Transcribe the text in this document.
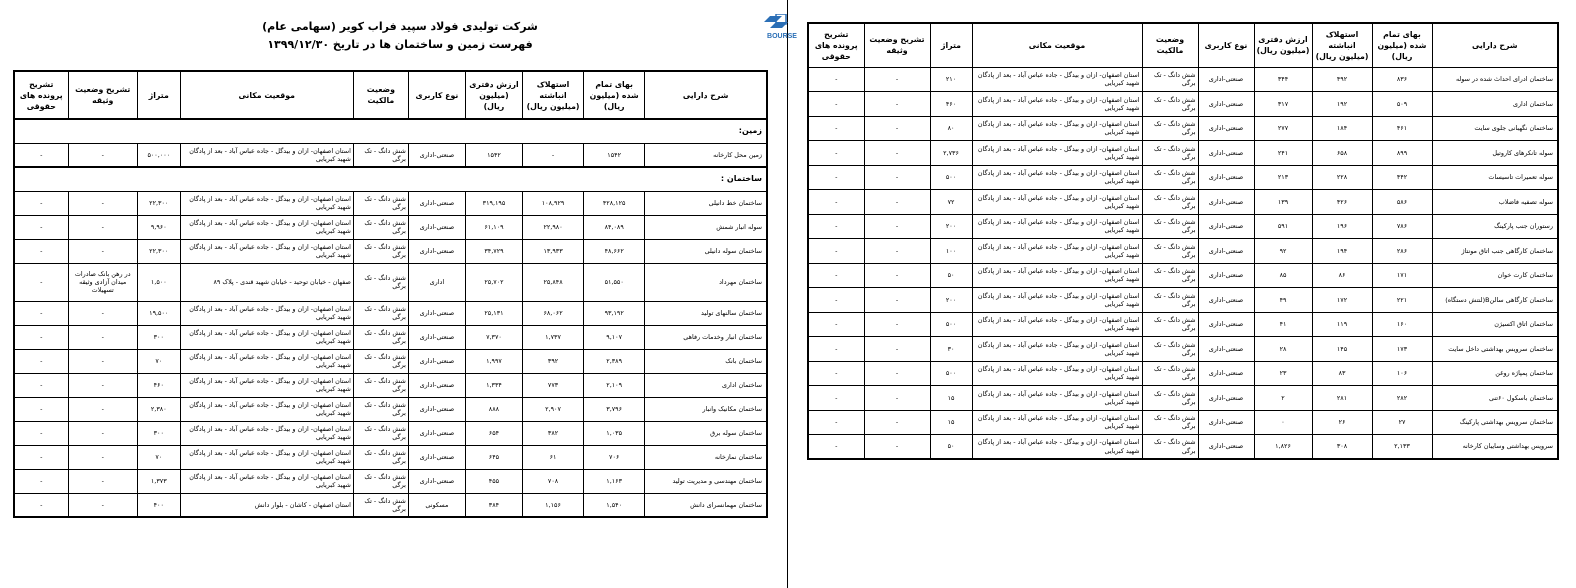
شرکت تولیدی فولاد سپید فراب کویر (سهامی عام)
فهرست زمین و ساختمان ها در تاریخ ۱۳۹۹/۱۲/۳۰
شرح دارایی	بهای تمام شده (میلیون ریال)	استهلاک انباشته (میلیون ریال)	ارزش دفتری (میلیون ریال)	نوع کاربری	وضعیت مالکیت	موقعیت مکانی	متراژ	تشریح وضعیت وثیقه	تشریح پرونده های حقوقی
زمین:									
زمین محل کارخانه	۱۵۴۲	-	۱۵۴۲	صنعتی-اداری	شش دانگ - تک برگی	استان اصفهان- ازان و بیدگل - جاده عباس آباد - بعد از پادگان شهید کبریایی	۵۰۰,۰۰۰	-	-
ساختمان :									
ساختمان خط دانیلی	۴۲۸,۱۲۵	۱۰۸,۹۲۹	۳۱۹,۱۹۵	صنعتی-اداری	شش دانگ - تک برگی	استان اصفهان- ازان و بیدگل - جاده عباس آباد - بعد از پادگان شهید کبریایی	۲۲,۳۰۰	-	-
سوله انبار شمش	۸۴,۰۸۹	۲۲,۹۸۰	۶۱,۱۰۹	صنعتی-اداری	شش دانگ - تک برگی	استان اصفهان- ازان و بیدگل - جاده عباس آباد - بعد از پادگان شهید کبریایی	۹,۹۶۰	-	-
ساختمان سوله دانیلی	۴۸,۶۶۲	۱۳,۹۳۳	۳۴,۷۲۹	صنعتی-اداری	شش دانگ - تک برگی	استان اصفهان- ازان و بیدگل - جاده عباس آباد - بعد از پادگان شهید کبریایی	۲۲,۳۰۰	-	-
ساختمان مهرداد	۵۱,۵۵۰	۲۵,۸۴۸	۲۵,۷۰۲	اداری	شش دانگ - تک برگی	صفهان - خیابان توحید - خیابان شهید قندی - پلاک ۸۹	۱,۵۰۰	در رهن بانک صادرات میدان آزادی وثیقه تسهیلات	-
ساختمان سالنهای تولید	۹۳,۱۹۲	۶۸,۰۶۲	۲۵,۱۳۱	صنعتی-اداری	شش دانگ - تک برگی	استان اصفهان- ازان و بیدگل - جاده عباس آباد - بعد از پادگان شهید کبریایی	۱۹,۵۰۰	-	-
ساختمان انبار وخدمات رفاهی	۹,۱۰۷	۱,۷۳۷	۷,۳۷۰	صنعتی-اداری	شش دانگ - تک برگی	استان اصفهان- ازان و بیدگل - جاده عباس آباد - بعد از پادگان شهید کبریایی	۳۰۰	-	-
ساختمان بانک	۲,۳۸۹	۳۹۲	۱,۹۹۷	صنعتی-اداری	شش دانگ - تک برگی	استان اصفهان- ازان و بیدگل - جاده عباس آباد - بعد از پادگان شهید کبریایی	۷۰	-	-
ساختمان اداری	۲,۱۰۹	۷۷۳	۱,۳۳۴	صنعتی-اداری	شش دانگ - تک برگی	استان اصفهان- ازان و بیدگل - جاده عباس آباد - بعد از پادگان شهید کبریایی	۴۶۰	-	-
ساختمان مکانیک وانبار	۳,۷۹۶	۲,۹۰۷	۸۸۸	صنعتی-اداری	شش دانگ - تک برگی	استان اصفهان- ازان و بیدگل - جاده عباس آباد - بعد از پادگان شهید کبریایی	۲,۳۸۰	-	-
ساختمان سوله برق	۱,۰۳۵	۳۸۲	۶۵۴	صنعتی-اداری	شش دانگ - تک برگی	استان اصفهان- ازان و بیدگل - جاده عباس آباد - بعد از پادگان شهید کبریایی	۳۰۰	-	-
ساختمان نمازخانه	۷۰۶	۶۱	۶۴۵	صنعتی-اداری	شش دانگ - تک برگی	استان اصفهان- ازان و بیدگل - جاده عباس آباد - بعد از پادگان شهید کبریایی	۷۰	-	-
ساختمان مهندسی و مدیریت تولید	۱,۱۶۳	۷۰۸	۴۵۵	صنعتی-اداری	شش دانگ - تک برگی	استان اصفهان- ازان و بیدگل - جاده عباس آباد - بعد از پادگان شهید کبریایی	۱,۳۷۳	-	-
ساختمان مهمانسرای دانش	۱,۵۴۰	۱,۱۵۶	۳۸۴	مسکونی	شش دانگ - تک برگی	استان اصفهان - کاشان - بلوار دانش	۴۰۰	-	-
BOURSE
شرح دارایی	بهای تمام شده (میلیون ریال)	استهلاک انباشته (میلیون ریال)	ارزش دفتری (میلیون ریال)	نوع کاربری	وضعیت مالکیت	موقعیت مکانی	متراژ	تشریح وضعیت وثیقه	تشریح پرونده های حقوقی
ساختمان ادرای احداث شده در سوله	۸۳۶	۴۹۲	۳۴۴	صنعتی-اداری	شش دانگ - تک برگی	استان اصفهان- ازان و بیدگل - جاده عباس آباد - بعد از پادگان شهید کبریایی	۲۱۰	-	-
ساختمان اداری	۵۰۹	۱۹۲	۳۱۷	صنعتی-اداری	شش دانگ - تک برگی	استان اصفهان- ازان و بیدگل - جاده عباس آباد - بعد از پادگان شهید کبریایی	۴۶۰	-	-
ساختمان نگهبانی جلوی سایت	۴۶۱	۱۸۴	۲۷۷	صنعتی-اداری	شش دانگ - تک برگی	استان اصفهان- ازان و بیدگل - جاده عباس آباد - بعد از پادگان شهید کبریایی	۸۰	-	-
سوله تانکرهای کاروتیل	۸۹۹	۶۵۸	۲۴۱	صنعتی-اداری	شش دانگ - تک برگی	استان اصفهان- ازان و بیدگل - جاده عباس آباد - بعد از پادگان شهید کبریایی	۲,۷۳۶	-	-
سوله تعمیرات تاسیسات	۴۴۲	۲۲۸	۲۱۳	صنعتی-اداری	شش دانگ - تک برگی	استان اصفهان- ازان و بیدگل - جاده عباس آباد - بعد از پادگان شهید کبریایی	۵۰۰	-	-
سوله تصفیه فاضلاب	۵۸۶	۴۲۶	۱۳۹	صنعتی-اداری	شش دانگ - تک برگی	استان اصفهان- ازان و بیدگل - جاده عباس آباد - بعد از پادگان شهید کبریایی	۷۲	-	-
رستوران جنب پارکینگ	۷۸۶	۱۹۶	۵۹۱	صنعتی-اداری	شش دانگ - تک برگی	استان اصفهان- ازان و بیدگل - جاده عباس آباد - بعد از پادگان شهید کبریایی	۲۰۰	-	-
ساختمان کارگاهی جنب اتاق مونتاژ	۲۸۶	۱۹۴	۹۲	صنعتی-اداری	شش دانگ - تک برگی	استان اصفهان- ازان و بیدگل - جاده عباس آباد - بعد از پادگان شهید کبریایی	۱۰۰	-	-
ساختمان کارت خوان	۱۷۱	۸۶	۸۵	صنعتی-اداری	شش دانگ - تک برگی	استان اصفهان- ازان و بیدگل - جاده عباس آباد - بعد از پادگان شهید کبریایی	۵۰	-	-
ساختمان کارگاهی سالنB(لنتش دستگاه)	۲۲۱	۱۷۲	۴۹	صنعتی-اداری	شش دانگ - تک برگی	استان اصفهان- ازان و بیدگل - جاده عباس آباد - بعد از پادگان شهید کبریایی	۲۰۰	-	-
ساختمان اتاق اکسیژن	۱۶۰	۱۱۹	۴۱	صنعتی-اداری	شش دانگ - تک برگی	استان اصفهان- ازان و بیدگل - جاده عباس آباد - بعد از پادگان شهید کبریایی	۵۰۰	-	-
ساختمان سرویس بهداشتی داخل سایت	۱۷۳	۱۴۵	۲۸	صنعتی-اداری	شش دانگ - تک برگی	استان اصفهان- ازان و بیدگل - جاده عباس آباد - بعد از پادگان شهید کبریایی	۳۰	-	-
ساختمان پمپاژه روغن	۱۰۶	۸۳	۲۳	صنعتی-اداری	شش دانگ - تک برگی	استان اصفهان- ازان و بیدگل - جاده عباس آباد - بعد از پادگان شهید کبریایی	۵۰۰	-	-
ساختمان باسکول ۶۰تنی	۲۸۲	۲۸۱	۲	صنعتی-اداری	شش دانگ - تک برگی	استان اصفهان- ازان و بیدگل - جاده عباس آباد - بعد از پادگان شهید کبریایی	۱۵	-	-
ساختمان سرویس بهداشتی پارکینگ	۲۷	۲۶	۰	صنعتی-اداری	شش دانگ - تک برگی	استان اصفهان- ازان و بیدگل - جاده عباس آباد - بعد از پادگان شهید کبریایی	۱۵	-	-
سرویس بهداشتی وسایبان کارخانه	۲,۱۳۳	۳۰۸	۱,۸۲۶	صنعتی-اداری	شش دانگ - تک برگی	استان اصفهان- ازان و بیدگل - جاده عباس آباد - بعد از پادگان شهید کبریایی	۵۰	-	-
